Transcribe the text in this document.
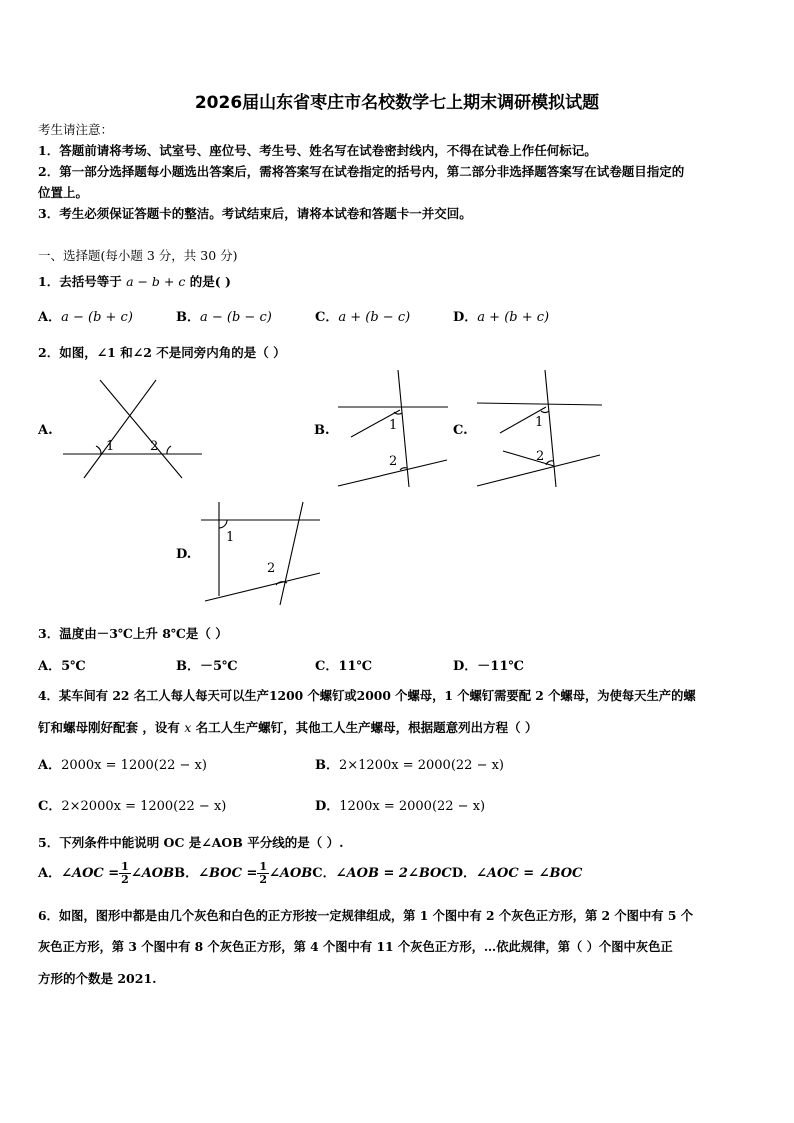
2026届山东省枣庄市名校数学七上期末调研模拟试题
考生请注意：
1．答题前请将考场、试室号、座位号、考生号、姓名写在试卷密封线内，不得在试卷上作任何标记。
2．第一部分选择题每小题选出答案后，需将答案写在试卷指定的括号内，第二部分非选择题答案写在试卷题目指定的
位置上。
3．考生必须保证答题卡的整洁。考试结束后，请将本试卷和答题卡一并交回。
一、选择题(每小题 3 分，共 30 分)
1．去括号等于 a − b + c 的是( )
A．a − (b + c)	B．a − (b − c)	C．a + (b − c)	D．a + (b + c)
2．如图，∠1 和∠2 不是同旁内角的是（ ）
A.
1	2
B.	1
2
C.
1
2
D.
1
2
3．温度由－3℃上升 8℃是（ ）
A．5℃	B．－5℃	C．11℃	D．－11℃
4．某车间有 22 名工人每人每天可以生产1200 个螺钉或2000 个螺母，1 个螺钉需要配 2 个螺母，为使每天生产的螺
钉和螺母刚好配套 ，设有 x 名工人生产螺钉，其他工人生产螺母，根据题意列出方程（ ）
A．2000x = 1200(22 − x)	B．2×1200x = 2000(22 − x)
C．2×2000x = 1200(22 − x)	D．1200x = 2000(22 − x)
5．下列条件中能说明 OC 是∠AOB 平分线的是（ ）.
A．∠AOC = $\frac{1}{2}$ ∠AOBB．∠BOC = $\frac{1}{2}$ ∠AOBC．∠AOB = 2∠BOCD．∠AOC = ∠BOC
6．如图，图形中都是由几个灰色和白色的正方形按一定规律组成，第 1 个图中有 2 个灰色正方形，第 2 个图中有 5 个
灰色正方形，第 3 个图中有 8 个灰色正方形，第 4 个图中有 11 个灰色正方形，…依此规律，第（ ）个图中灰色正
方形的个数是 2021.
